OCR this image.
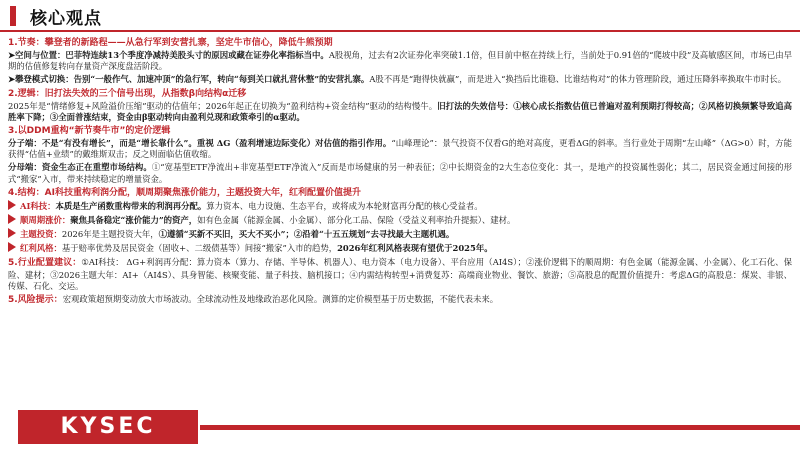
核心观点
1.节奏：攀登者的新路程——从急行军到安营扎寨，坚定牛市信心，降低牛熊预期

➤空间与位置：巴菲特连续13个季度净减持美股头寸的原因或藏在证券化率指标当中。A股视角，过去有2次证券化率突破1.1倍，但目前中枢在持续上行，当前处于0.91倍的“爬坡中段”及高敏感区间，市场已由早期的估值修复转向存量资产深度盘活阶段。

➤攀登模式切换：告别“一般作气、加速冲顶”的急行军，转向“每到关口就扎营休整”的安营扎寨。A股不再是“跑得快就赢”，而是进入“换挡后比谁稳、比谁结构对”的体力管理阶段，通过压降斜率换取牛市时长。

2.逻辑：旧打法失效的三个信号出现，从指数β向结构α迁移

2025年是“情绪修复+风险溢价压缩”驱动的估值年；2026年起正在切换为“盈利结构+资金结构”驱动的结构慢牛。旧打法的失效信号：①核心成长指数估值已普遍对盈利预期打得较高；②风格切换频繁导致追高胜率下降；③全面普涨结束，资金由β驱动转向由盈利兑现和政策牵引的α驱动。

3.以DDM重构“新节奏牛市”的定价逻辑

分子端：不是“有没有增长”，而是“增长靠什么”。重视 ΔG（盈利增速边际变化）对估值的指引作用。“山峰理论”：景气投资不仅看G的绝对高度，更看ΔG的斜率。当行业处于周期“左山峰”（ΔG>0）时，方能获得“估值+业绩”的戴维斯双击；反之则面临估值收缩。

分母端：资金生态正在重塑市场结构。①“宽基型ETF净流出+非宽基型ETF净流入”反而是市场健康的另一种表征；②中长期资金的2大生态位变化：其一，是地产的投资属性弱化；其二，居民资金通过间接的形式“搬家”入市，带来持续稳定的增量资金。

4.结构：AI科技重构利润分配，顺周期聚焦涨价能力，主题投资大年，红利配置价值提升

AI科技：本质是生产函数重构带来的利润再分配。算力资本、电力设施、生态平台，或将成为本轮财富再分配的核心受益者。

顺周期涨价：聚焦具备稳定“涨价能力”的资产，如有色金属（能源金属、小金属）、部分化工品、保险（受益义利率抬升提振）、建材。

主题投资：2026年是主题投资大年，①遵循“买新不买旧，买大不买小”；②沿着“十五五规划”去寻找最大主题机遇。

红利风格：基于赔率优势及居民资金（固收+、二级债基等）间接“搬家”入市的趋势，2026年红利风格表现有望优于2025年。

5.行业配置建议：①AI科技： ΔG+利润再分配：算力资本（算力、存储、半导体、机器人）、电力资本（电力设备）、平台应用（AI4S）；②涨价逻辑下的顺周期：有色金属（能源金属、小金属）、化工石化、保险、建材；③2026主题大年：AI+（AI4S）、具身智能、核聚变能、量子科技、脑机接口；④内需结构转型+消费复苏：高端商业物业、餐饮、旅游；⑤高股息的配置价值提升：考虑ΔG的高股息：煤炭、非银、传媒、石化、交运。

5.风险提示：宏观政策超预期变动放大市场波动。全球流动性及地缘政治恶化风险。测算的定价模型基于历史数据，不能代表未来。

KYSEC
